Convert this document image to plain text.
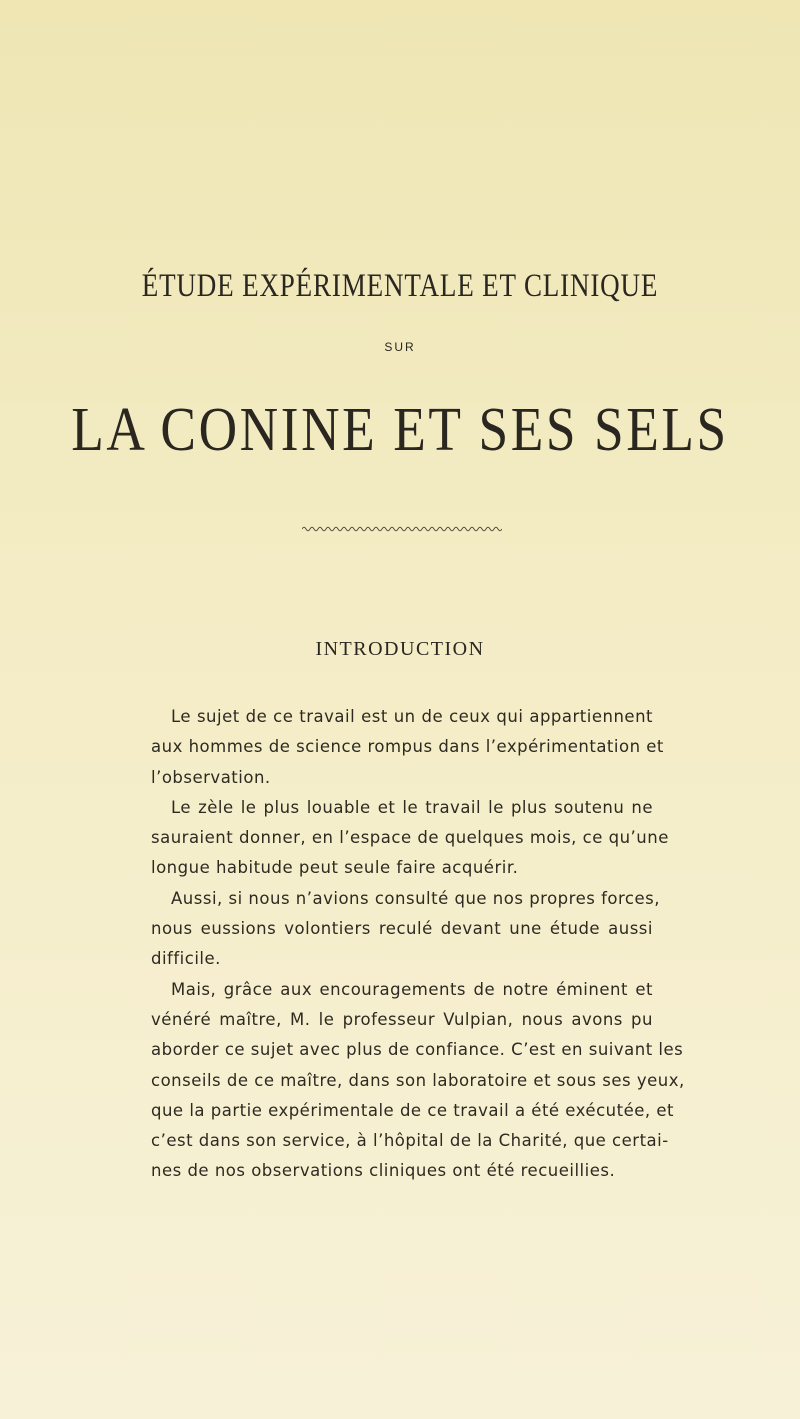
ÉTUDE EXPÉRIMENTALE ET CLINIQUE
SUR
LA CONINE ET SES SELS
INTRODUCTION
Le sujet de ce travail est un de ceux qui appartiennent
aux hommes de science rompus dans l’expérimentation et
l’observation.
Le zèle le plus louable et le travail le plus soutenu ne
sauraient donner, en l’espace de quelques mois, ce qu’une
longue habitude peut seule faire acquérir.
Aussi, si nous n’avions consulté que nos propres forces,
nous eussions volontiers reculé devant une étude aussi
difficile.
Mais, grâce aux encouragements de notre éminent et
vénéré maître, M. le professeur Vulpian, nous avons pu
aborder ce sujet avec plus de confiance. C’est en suivant les
conseils de ce maître, dans son laboratoire et sous ses yeux,
que la partie expérimentale de ce travail a été exécutée, et
c’est dans son service, à l’hôpital de la Charité, que certai-
nes de nos observations cliniques ont été recueillies.
